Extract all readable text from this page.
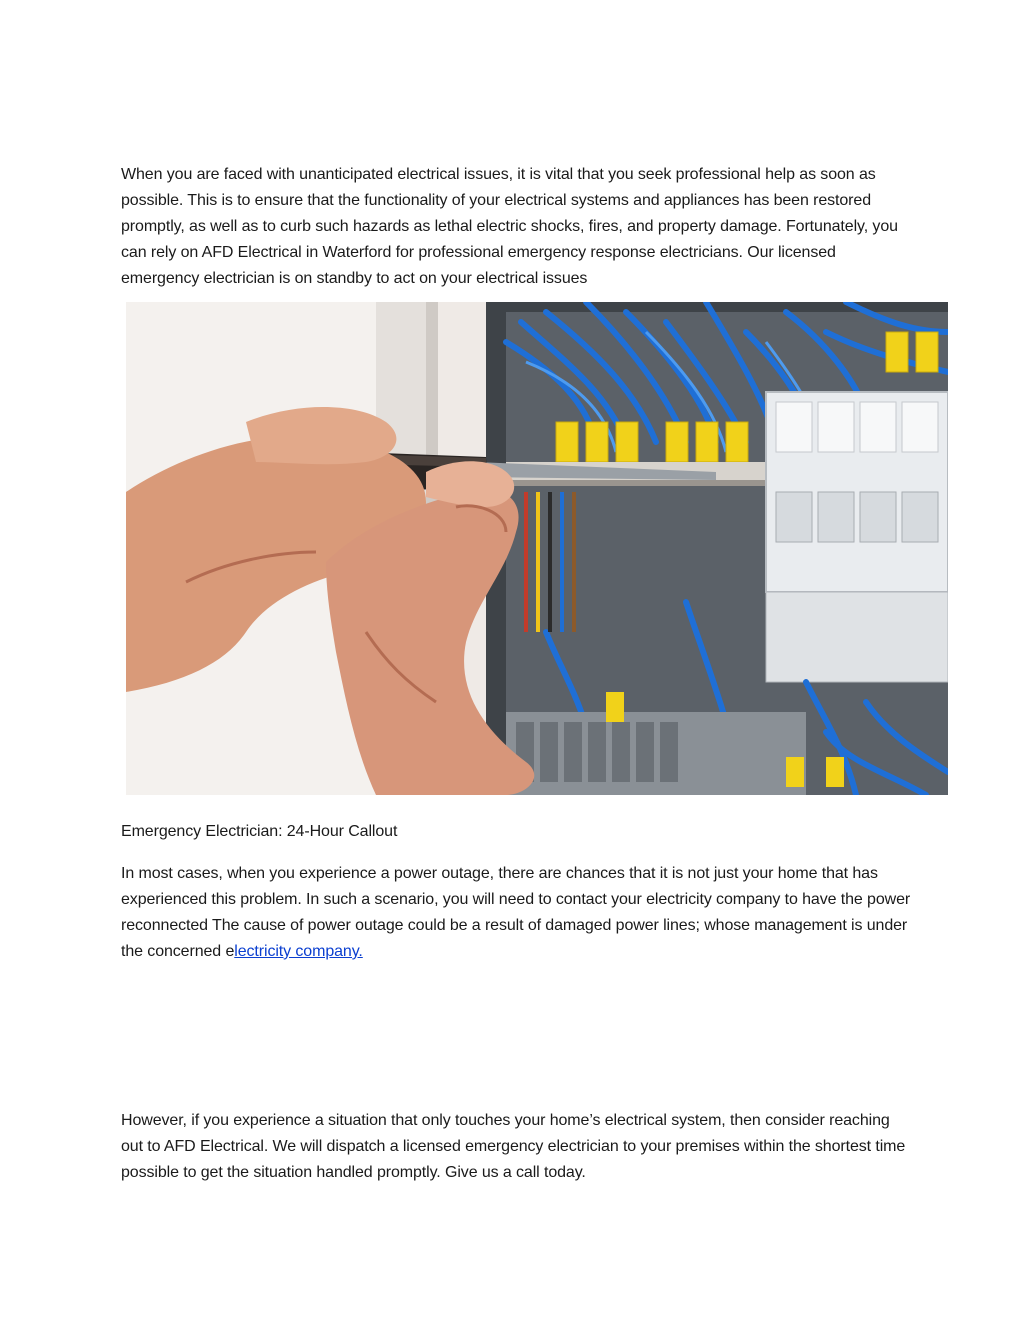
When you are faced with unanticipated electrical issues, it is vital that you seek professional help as soon as possible. This is to ensure that the functionality of your electrical systems and appliances has been restored promptly, as well as to curb such hazards as lethal electric shocks, fires, and property damage. Fortunately, you can rely on AFD Electrical in Waterford for professional emergency response electricians. Our licensed emergency electrician is on standby to act on your electrical issues

Emergency Electrician: 24-Hour Callout

In most cases, when you experience a power outage, there are chances that it is not just your home that has experienced this problem. In such a scenario, you will need to contact your electricity company to have the power reconnected The cause of power outage could be a result of damaged power lines; whose management is under the concerned electricity company.

However, if you experience a situation that only touches your home’s electrical system, then consider reaching out to AFD Electrical. We will dispatch a licensed emergency electrician to your premises within the shortest time possible to get the situation handled promptly. Give us a call today.
